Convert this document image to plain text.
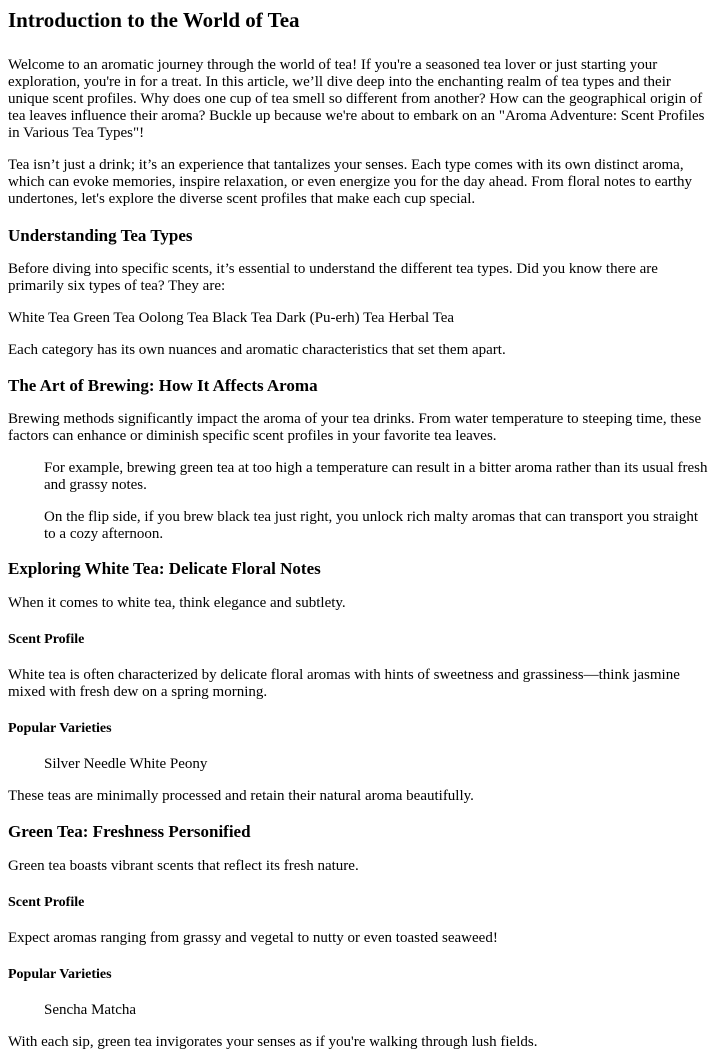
Introduction to the World of Tea

Welcome to an aromatic journey through the world of tea! If you're a seasoned tea lover or just starting your exploration, you're in for a treat. In this article, we’ll dive deep into the enchanting realm of tea types and their unique scent profiles. Why does one cup of tea smell so different from another? How can the geographical origin of tea leaves influence their aroma? Buckle up because we're about to embark on an "Aroma Adventure: Scent Profiles in Various Tea Types"!

Tea isn’t just a drink; it’s an experience that tantalizes your senses. Each type comes with its own distinct aroma, which can evoke memories, inspire relaxation, or even energize you for the day ahead. From floral notes to earthy undertones, let's explore the diverse scent profiles that make each cup special.

Understanding Tea Types

Before diving into specific scents, it’s essential to understand the different tea types. Did you know there are primarily six types of tea? They are:

White Tea Green Tea Oolong Tea Black Tea Dark (Pu-erh) Tea Herbal Tea

Each category has its own nuances and aromatic characteristics that set them apart.

The Art of Brewing: How It Affects Aroma

Brewing methods significantly impact the aroma of your tea drinks. From water temperature to steeping time, these factors can enhance or diminish specific scent profiles in your favorite tea leaves.

For example, brewing green tea at too high a temperature can result in a bitter aroma rather than its usual fresh and grassy notes.

On the flip side, if you brew black tea just right, you unlock rich malty aromas that can transport you straight to a cozy afternoon.

Exploring White Tea: Delicate Floral Notes

When it comes to white tea, think elegance and subtlety.

Scent Profile

White tea is often characterized by delicate floral aromas with hints of sweetness and grassiness—think jasmine mixed with fresh dew on a spring morning.

Popular Varieties

Silver Needle White Peony

These teas are minimally processed and retain their natural aroma beautifully.

Green Tea: Freshness Personified

Green tea boasts vibrant scents that reflect its fresh nature.

Scent Profile

Expect aromas ranging from grassy and vegetal to nutty or even toasted seaweed!

Popular Varieties

Sencha Matcha

With each sip, green tea invigorates your senses as if you're walking through lush fields.
